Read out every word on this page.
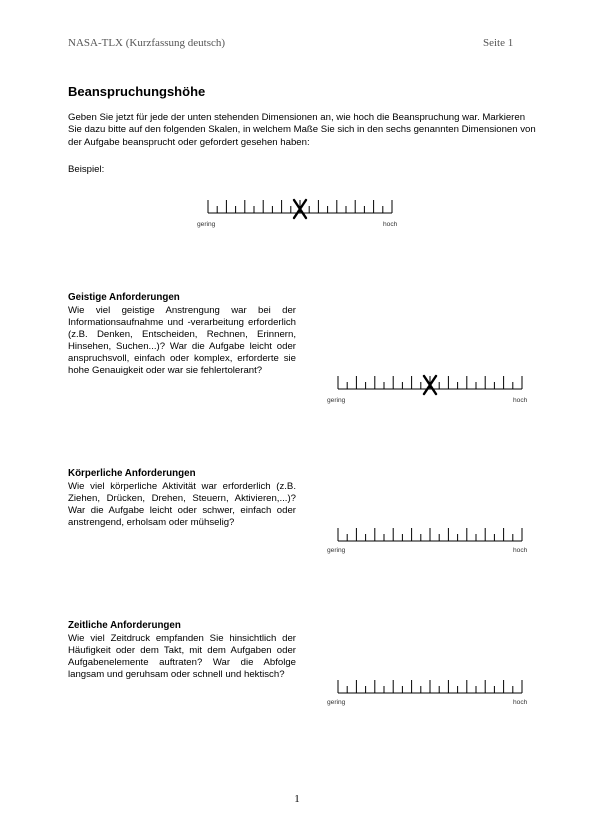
NASA-TLX (Kurzfassung deutsch)	Seite 1
Beanspruchungshöhe
Geben Sie jetzt für jede der unten stehenden Dimensionen an, wie hoch die Beanspruchung war. Markieren Sie dazu bitte auf den folgenden Skalen, in welchem Maße Sie sich in den sechs genannten Dimensionen von der Aufgabe beansprucht oder gefordert gesehen haben:
Beispiel:
gering	hoch
Geistige Anforderungen
Wie viel geistige Anstrengung war bei der Informationsaufnahme und -verarbeitung erforderlich (z.B. Denken, Entscheiden, Rechnen, Erinnern, Hinsehen, Suchen...)? War die Aufgabe leicht oder anspruchsvoll, einfach oder komplex, erforderte sie hohe Genauigkeit oder war sie fehlertolerant?
gering	hoch
Körperliche Anforderungen
Wie viel körperliche Aktivität war erforderlich (z.B. Ziehen, Drücken, Drehen, Steuern, Aktivieren,...)? War die Aufgabe leicht oder schwer, einfach oder anstrengend, erholsam oder mühselig?
gering	hoch
Zeitliche Anforderungen
Wie viel Zeitdruck empfanden Sie hinsichtlich der Häufigkeit oder dem Takt, mit dem Aufgaben oder Aufgabenelemente auftraten? War die Abfolge langsam und geruhsam oder schnell und hektisch?
gering	hoch
1
